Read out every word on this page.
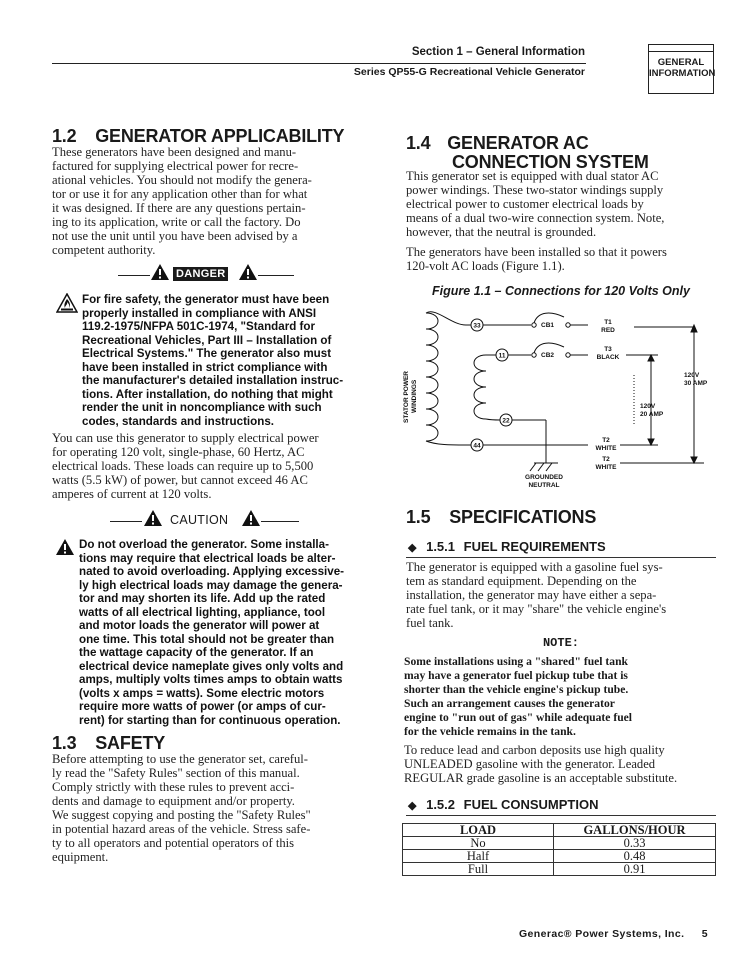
Section 1 – General Information
Series QP55-G Recreational Vehicle Generator
GENERAL
INFORMATION
1.2 GENERATOR APPLICABILITY
These generators have been designed and manu-
factured for supplying electrical power for recre-
ational vehicles. You should not modify the genera-
tor or use it for any application other than for what
it was designed. If there are any questions pertain-
ing to its application, write or call the factory. Do
not use the unit until you have been advised by a
competent authority.
DANGER
For fire safety, the generator must have been
properly installed in compliance with ANSI
119.2-1975/NFPA 501C-1974, "Standard for
Recreational Vehicles, Part III – Installation of
Electrical Systems." The generator also must
have been installed in strict compliance with
the manufacturer's detailed installation instruc-
tions. After installation, do nothing that might
render the unit in noncompliance with such
codes, standards and instructions.
You can use this generator to supply electrical power
for operating 120 volt, single-phase, 60 Hertz, AC
electrical loads. These loads can require up to 5,500
watts (5.5 kW) of power, but cannot exceed 46 AC
amperes of current at 120 volts.
CAUTION
Do not overload the generator. Some installa-
tions may require that electrical loads be alter-
nated to avoid overloading. Applying excessive-
ly high electrical loads may damage the genera-
tor and may shorten its life. Add up the rated
watts of all electrical lighting, appliance, tool
and motor loads the generator will power at
one time. This total should not be greater than
the wattage capacity of the generator. If an
electrical device nameplate gives only volts and
amps, multiply volts times amps to obtain watts
(volts x amps = watts). Some electric motors
require more watts of power (or amps of cur-
rent) for starting than for continuous operation.
1.3 SAFETY
Before attempting to use the generator set, careful-
ly read the "Safety Rules" section of this manual.
Comply strictly with these rules to prevent acci-
dents and damage to equipment and/or property.
We suggest copying and posting the "Safety Rules"
in potential hazard areas of the vehicle. Stress safe-
ty to all operators and potential operators of this
equipment.
1.4 GENERATOR AC
CONNECTION SYSTEM
This generator set is equipped with dual stator AC
power windings. These two-stator windings supply
electrical power to customer electrical loads by
means of a dual two-wire connection system. Note,
however, that the neutral is grounded.
The generators have been installed so that it powers
120-volt AC loads (Figure 1.1).
Figure 1.1 – Connections for 120 Volts Only
33
11
22
44
CB1
CB2
T1
RED
T3
BLACK
T2
WHITE
T2
WHITE
GROUNDED
NEUTRAL
120V
30 AMP
120V
20 AMP
STATOR POWER WINDINGS
1.5 SPECIFICATIONS
◆ 1.5.1 FUEL REQUIREMENTS
The generator is equipped with a gasoline fuel sys-
tem as standard equipment. Depending on the
installation, the generator may have either a sepa-
rate fuel tank, or it may "share" the vehicle engine's
fuel tank.
NOTE:
Some installations using a "shared" fuel tank
may have a generator fuel pickup tube that is
shorter than the vehicle engine's pickup tube.
Such an arrangement causes the generator
engine to "run out of gas" while adequate fuel
for the vehicle remains in the tank.
To reduce lead and carbon deposits use high quality
UNLEADED gasoline with the generator. Leaded
REGULAR grade gasoline is an acceptable substitute.
◆ 1.5.2 FUEL CONSUMPTION
LOAD	GALLONS/HOUR
No	0.33
Half	0.48
Full	0.91
Generac® Power Systems, Inc. 5
